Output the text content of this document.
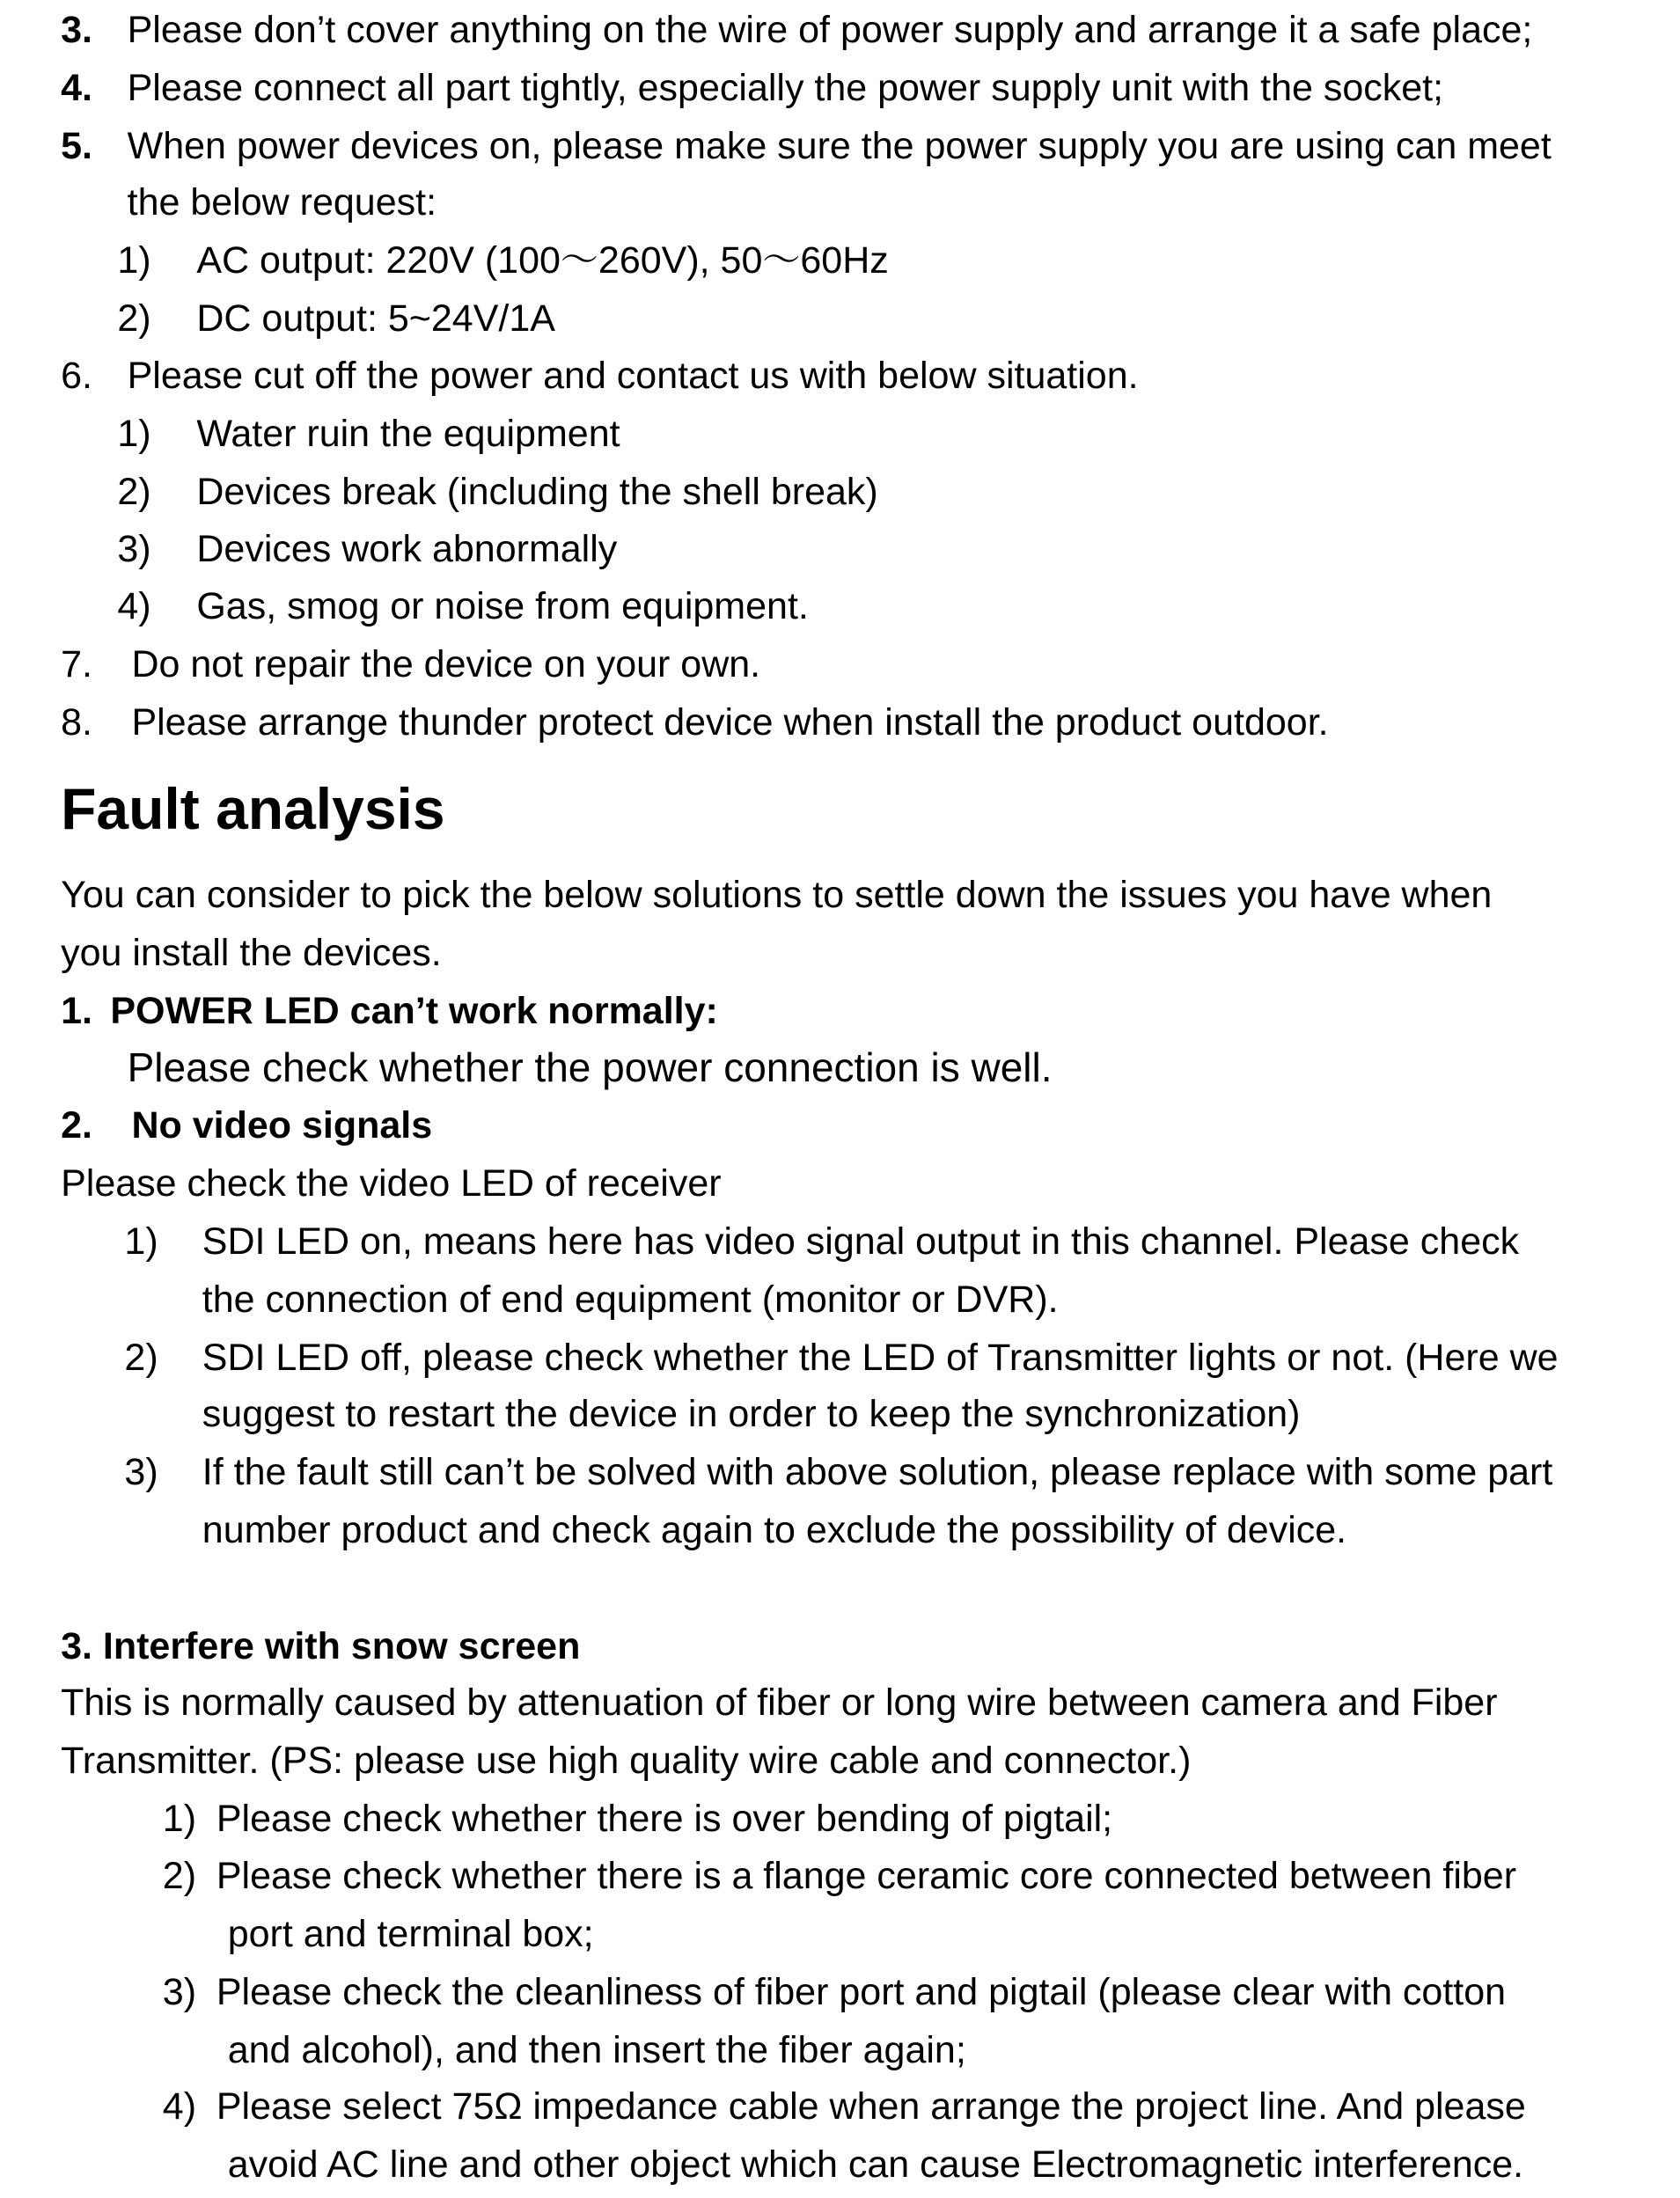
3. Please don’t cover anything on the wire of power supply and arrange it a safe place;
4. Please connect all part tightly, especially the power supply unit with the socket;
5. When power devices on, please make sure the power supply you are using can meet
the below request:
1) AC output: 220V (100～260V), 50～60Hz
2) DC output: 5~24V/1A
6. Please cut off the power and contact us with below situation.
1) Water ruin the equipment
2) Devices break (including the shell break)
3) Devices work abnormally
4) Gas, smog or noise from equipment.
7. Do not repair the device on your own.
8. Please arrange thunder protect device when install the product outdoor.
Fault analysis
You can consider to pick the below solutions to settle down the issues you have when
you install the devices.
1. POWER LED can’t work normally:
Please check whether the power connection is well.
2. No video signals
Please check the video LED of receiver
1) SDI LED on, means here has video signal output in this channel. Please check
the connection of end equipment (monitor or DVR).
2) SDI LED off, please check whether the LED of Transmitter lights or not. (Here we
suggest to restart the device in order to keep the synchronization)
3) If the fault still can’t be solved with above solution, please replace with some part
number product and check again to exclude the possibility of device.
3. Interfere with snow screen
This is normally caused by attenuation of fiber or long wire between camera and Fiber
Transmitter. (PS: please use high quality wire cable and connector.)
1) Please check whether there is over bending of pigtail;
2) Please check whether there is a flange ceramic core connected between fiber
port and terminal box;
3) Please check the cleanliness of fiber port and pigtail (please clear with cotton
and alcohol), and then insert the fiber again;
4) Please select 75Ω impedance cable when arrange the project line. And please
avoid AC line and other object which can cause Electromagnetic interference.
